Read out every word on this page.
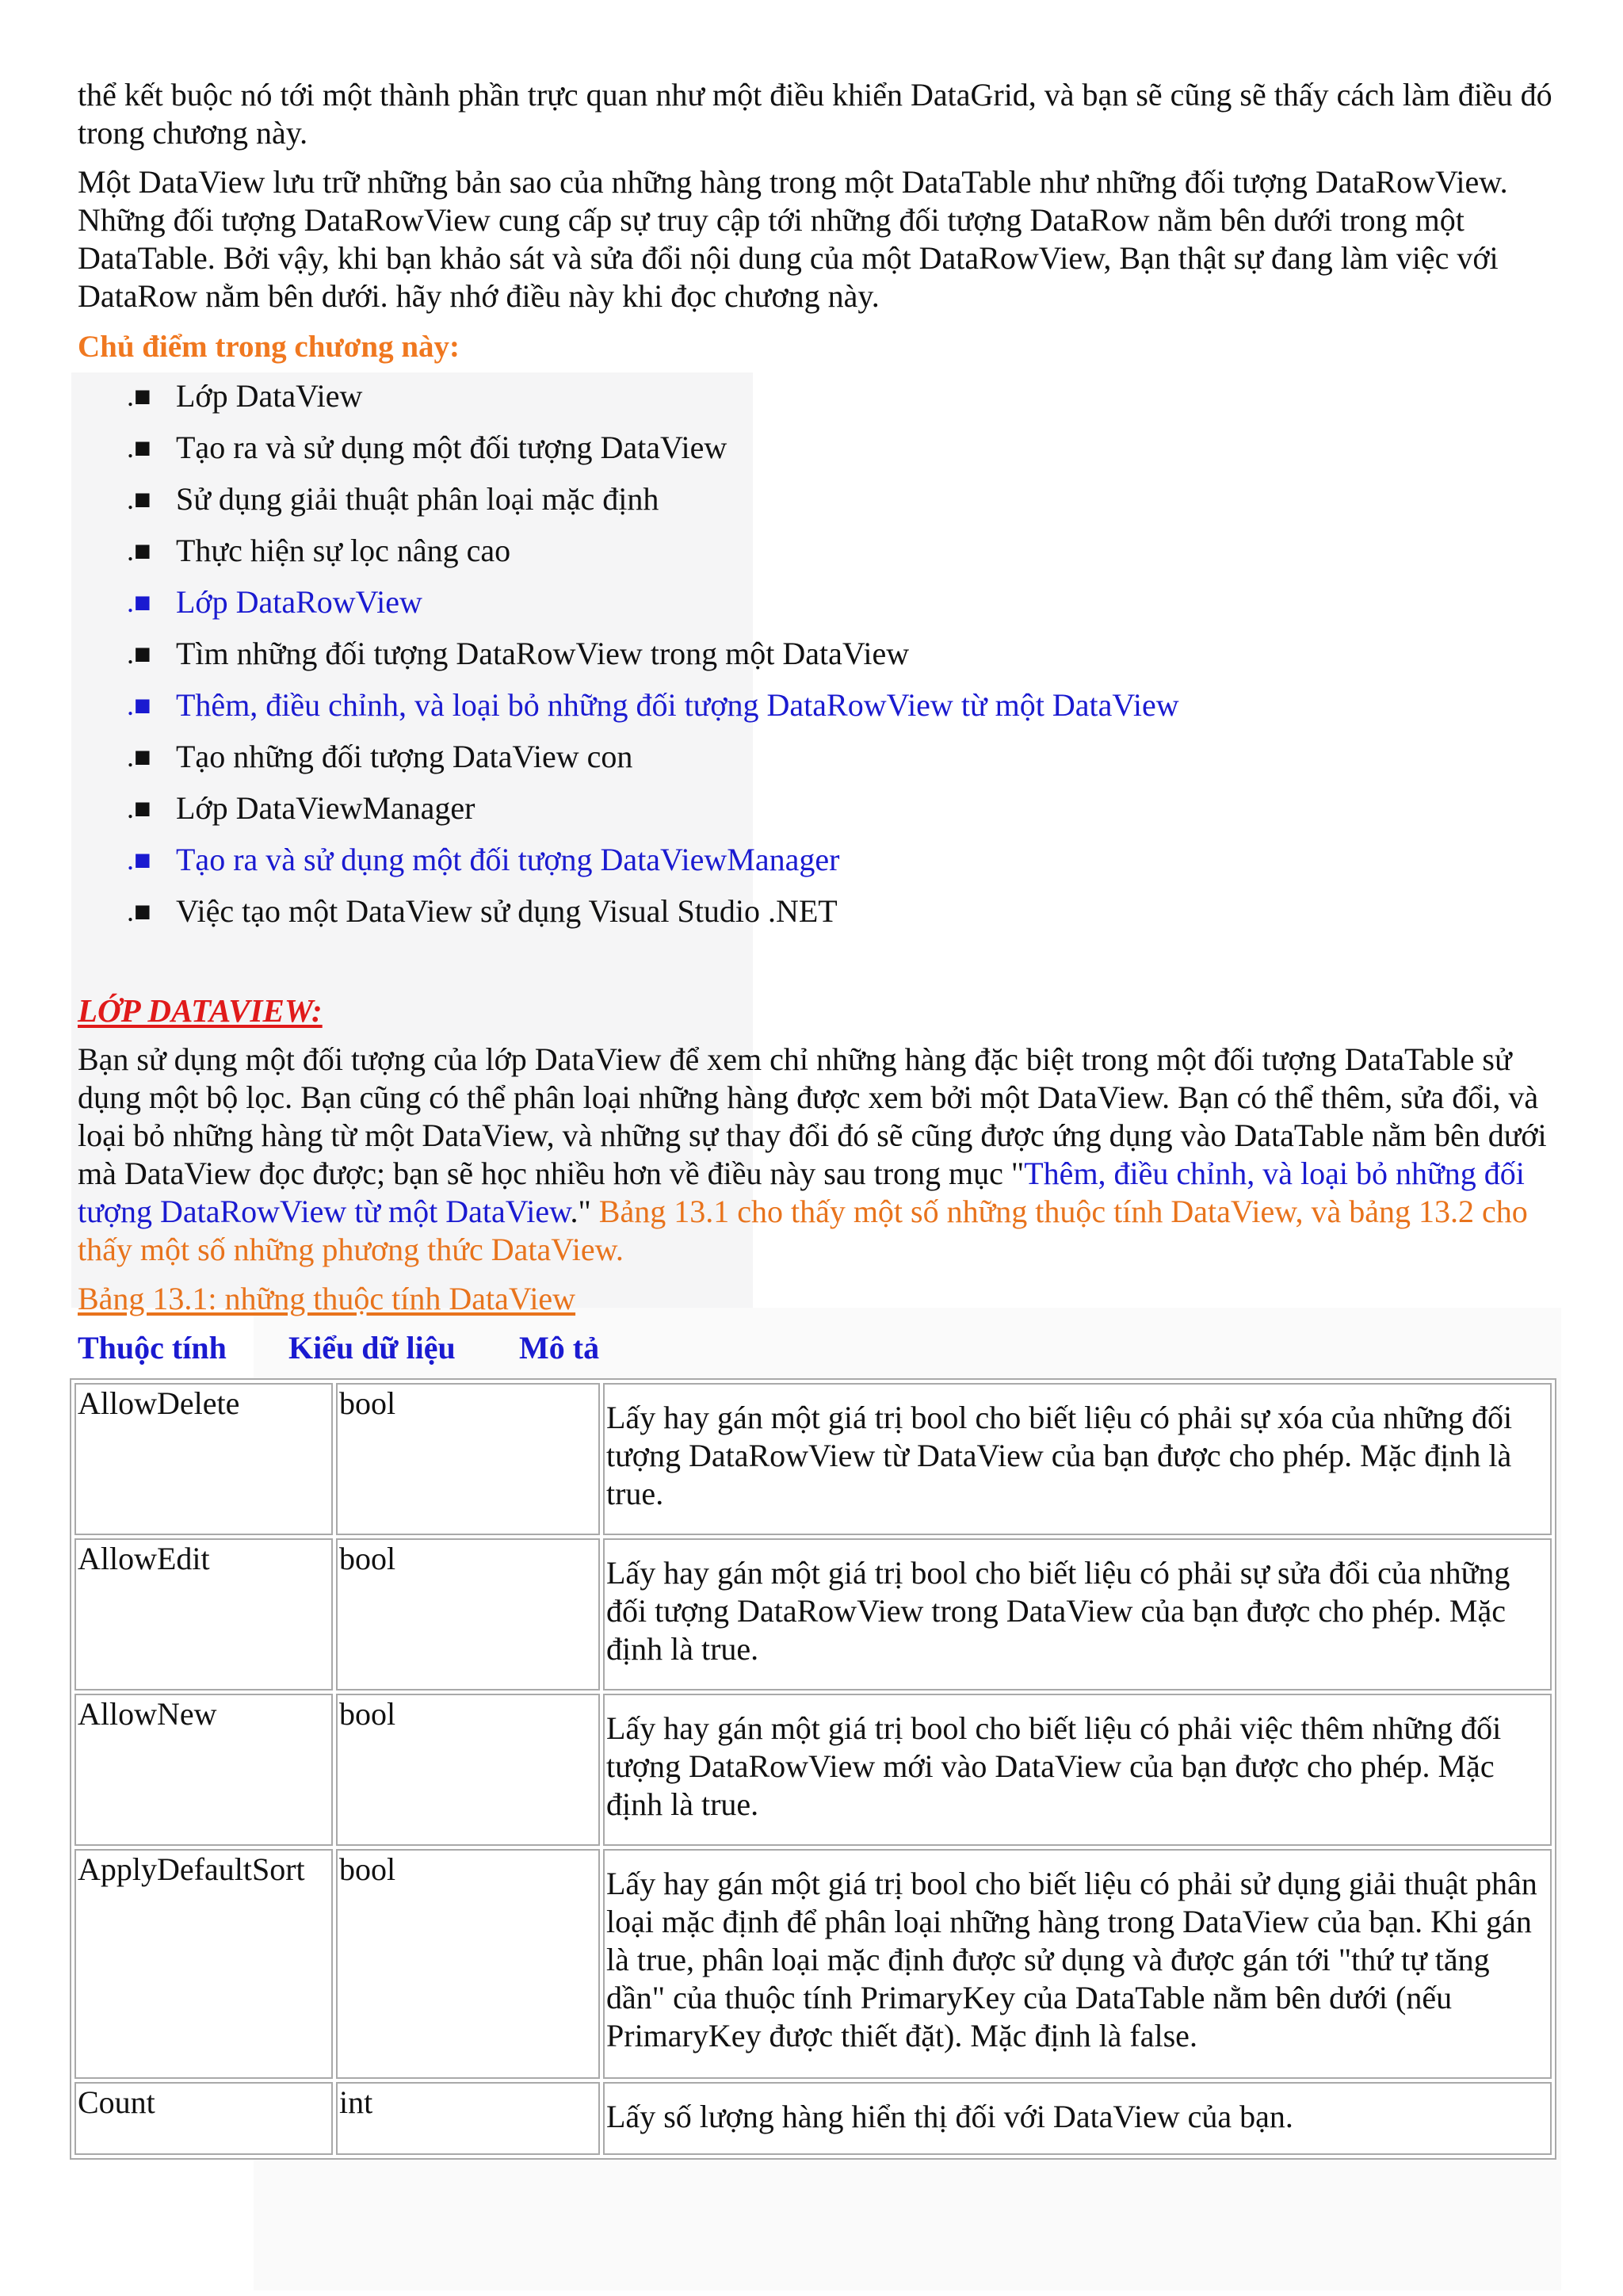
thể kết buộc nó tới một thành phần trực quan như một điều khiển DataGrid, và bạn sẽ cũng sẽ thấy cách làm điều đó trong chương này.

Một DataView lưu trữ những bản sao của những hàng trong một DataTable như những đối tượng DataRowView. Những đối tượng DataRowView cung cấp sự truy cập tới những đối tượng DataRow nằm bên dưới trong một DataTable. Bởi vậy, khi bạn khảo sát và sửa đổi nội dung của một DataRowView, Bạn thật sự đang làm việc với DataRow nằm bên dưới. hãy nhớ điều này khi đọc chương này.

Chủ điểm trong chương này:
.■ Lớp DataView
.■ Tạo ra và sử dụng một đối tượng DataView
.■ Sử dụng giải thuật phân loại mặc định
.■ Thực hiện sự lọc nâng cao
.■ Lớp DataRowView
.■ Tìm những đối tượng DataRowView trong một DataView
.■ Thêm, điều chỉnh, và loại bỏ những đối tượng DataRowView từ một DataView
.■ Tạo những đối tượng DataView con
.■ Lớp DataViewManager
.■ Tạo ra và sử dụng một đối tượng DataViewManager
.■ Việc tạo một DataView sử dụng Visual Studio .NET
LỚP DATAVIEW:

Bạn sử dụng một đối tượng của lớp DataView để xem chỉ những hàng đặc biệt trong một đối tượng DataTable sử dụng một bộ lọc. Bạn cũng có thể phân loại những hàng được xem bởi một DataView. Bạn có thể thêm, sửa đổi, và loại bỏ những hàng từ một DataView, và những sự thay đổi đó sẽ cũng được ứng dụng vào DataTable nằm bên dưới mà DataView đọc được; bạn sẽ học nhiều hơn về điều này sau trong mục "Thêm, điều chỉnh, và loại bỏ những đối tượng DataRowView từ một DataView." Bảng 13.1 cho thấy một số những thuộc tính DataView, và bảng 13.2 cho thấy một số những phương thức DataView.

Bảng 13.1: những thuộc tính DataView
Thuộc tính	Kiểu dữ liệu	Mô tả
AllowDelete	bool	Lấy hay gán một giá trị bool cho biết liệu có phải sự xóa của những đối tượng DataRowView từ DataView của bạn được cho phép. Mặc định là true.
AllowEdit	bool	Lấy hay gán một giá trị bool cho biết liệu có phải sự sửa đổi của những đối tượng DataRowView trong DataView của bạn được cho phép. Mặc định là true.
AllowNew	bool	Lấy hay gán một giá trị bool cho biết liệu có phải việc thêm những đối tượng DataRowView mới vào DataView của bạn được cho phép. Mặc định là true.
ApplyDefaultSort	bool	Lấy hay gán một giá trị bool cho biết liệu có phải sử dụng giải thuật phân loại mặc định để phân loại những hàng trong DataView của bạn. Khi gán là true, phân loại mặc định được sử dụng và được gán tới "thứ tự tăng dần" của thuộc tính PrimaryKey của DataTable nằm bên dưới (nếu PrimaryKey được thiết đặt). Mặc định là false.
Count	int	Lấy số lượng hàng hiển thị đối với DataView của bạn.
